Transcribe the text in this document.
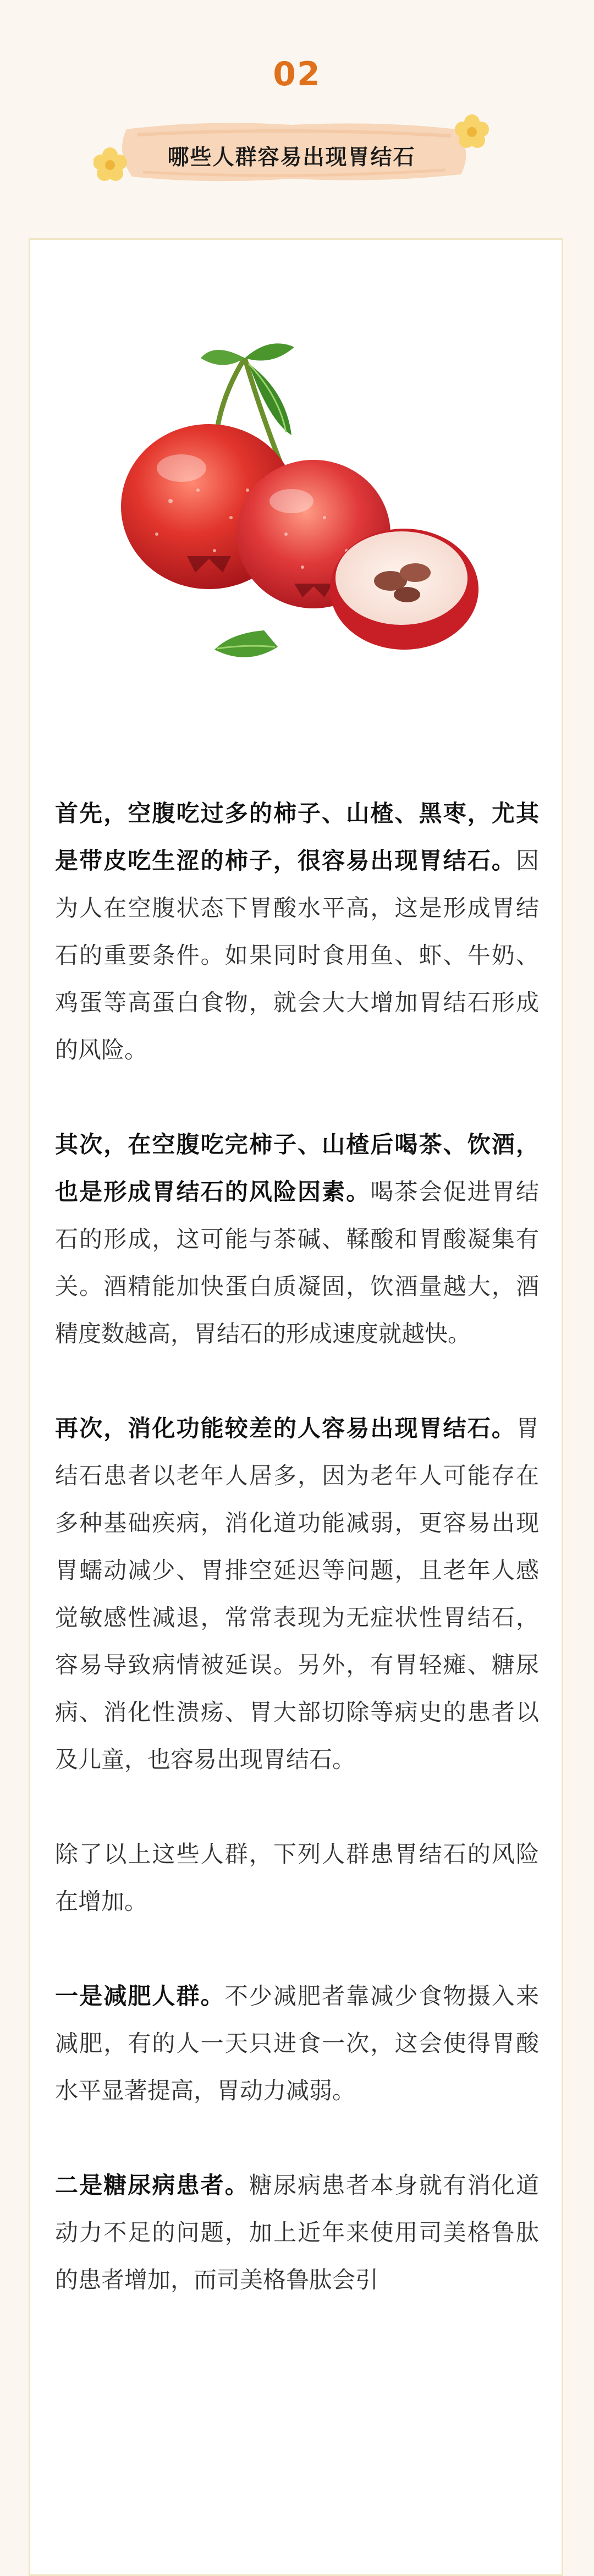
02
哪些人群容易出现胃结石

首先，空腹吃过多的柿子、山楂、黑枣，尤其是带皮吃生涩的柿子，很容易出现胃结石。因为人在空腹状态下胃酸水平高，这是形成胃结石的重要条件。如果同时食用鱼、虾、牛奶、鸡蛋等高蛋白食物，就会大大增加胃结石形成的风险。

其次，在空腹吃完柿子、山楂后喝茶、饮酒，也是形成胃结石的风险因素。喝茶会促进胃结石的形成，这可能与茶碱、鞣酸和胃酸凝集有关。酒精能加快蛋白质凝固，饮酒量越大，酒精度数越高，胃结石的形成速度就越快。

再次，消化功能较差的人容易出现胃结石。胃结石患者以老年人居多，因为老年人可能存在多种基础疾病，消化道功能减弱，更容易出现胃蠕动减少、胃排空延迟等问题，且老年人感觉敏感性减退，常常表现为无症状性胃结石，容易导致病情被延误。另外，有胃轻瘫、糖尿病、消化性溃疡、胃大部切除等病史的患者以及儿童，也容易出现胃结石。

除了以上这些人群，下列人群患胃结石的风险在增加。

一是减肥人群。不少减肥者靠减少食物摄入来减肥，有的人一天只进食一次，这会使得胃酸水平显著提高，胃动力减弱。

二是糖尿病患者。糖尿病患者本身就有消化道动力不足的问题，加上近年来使用司美格鲁肽的患者增加，而司美格鲁肽会引
